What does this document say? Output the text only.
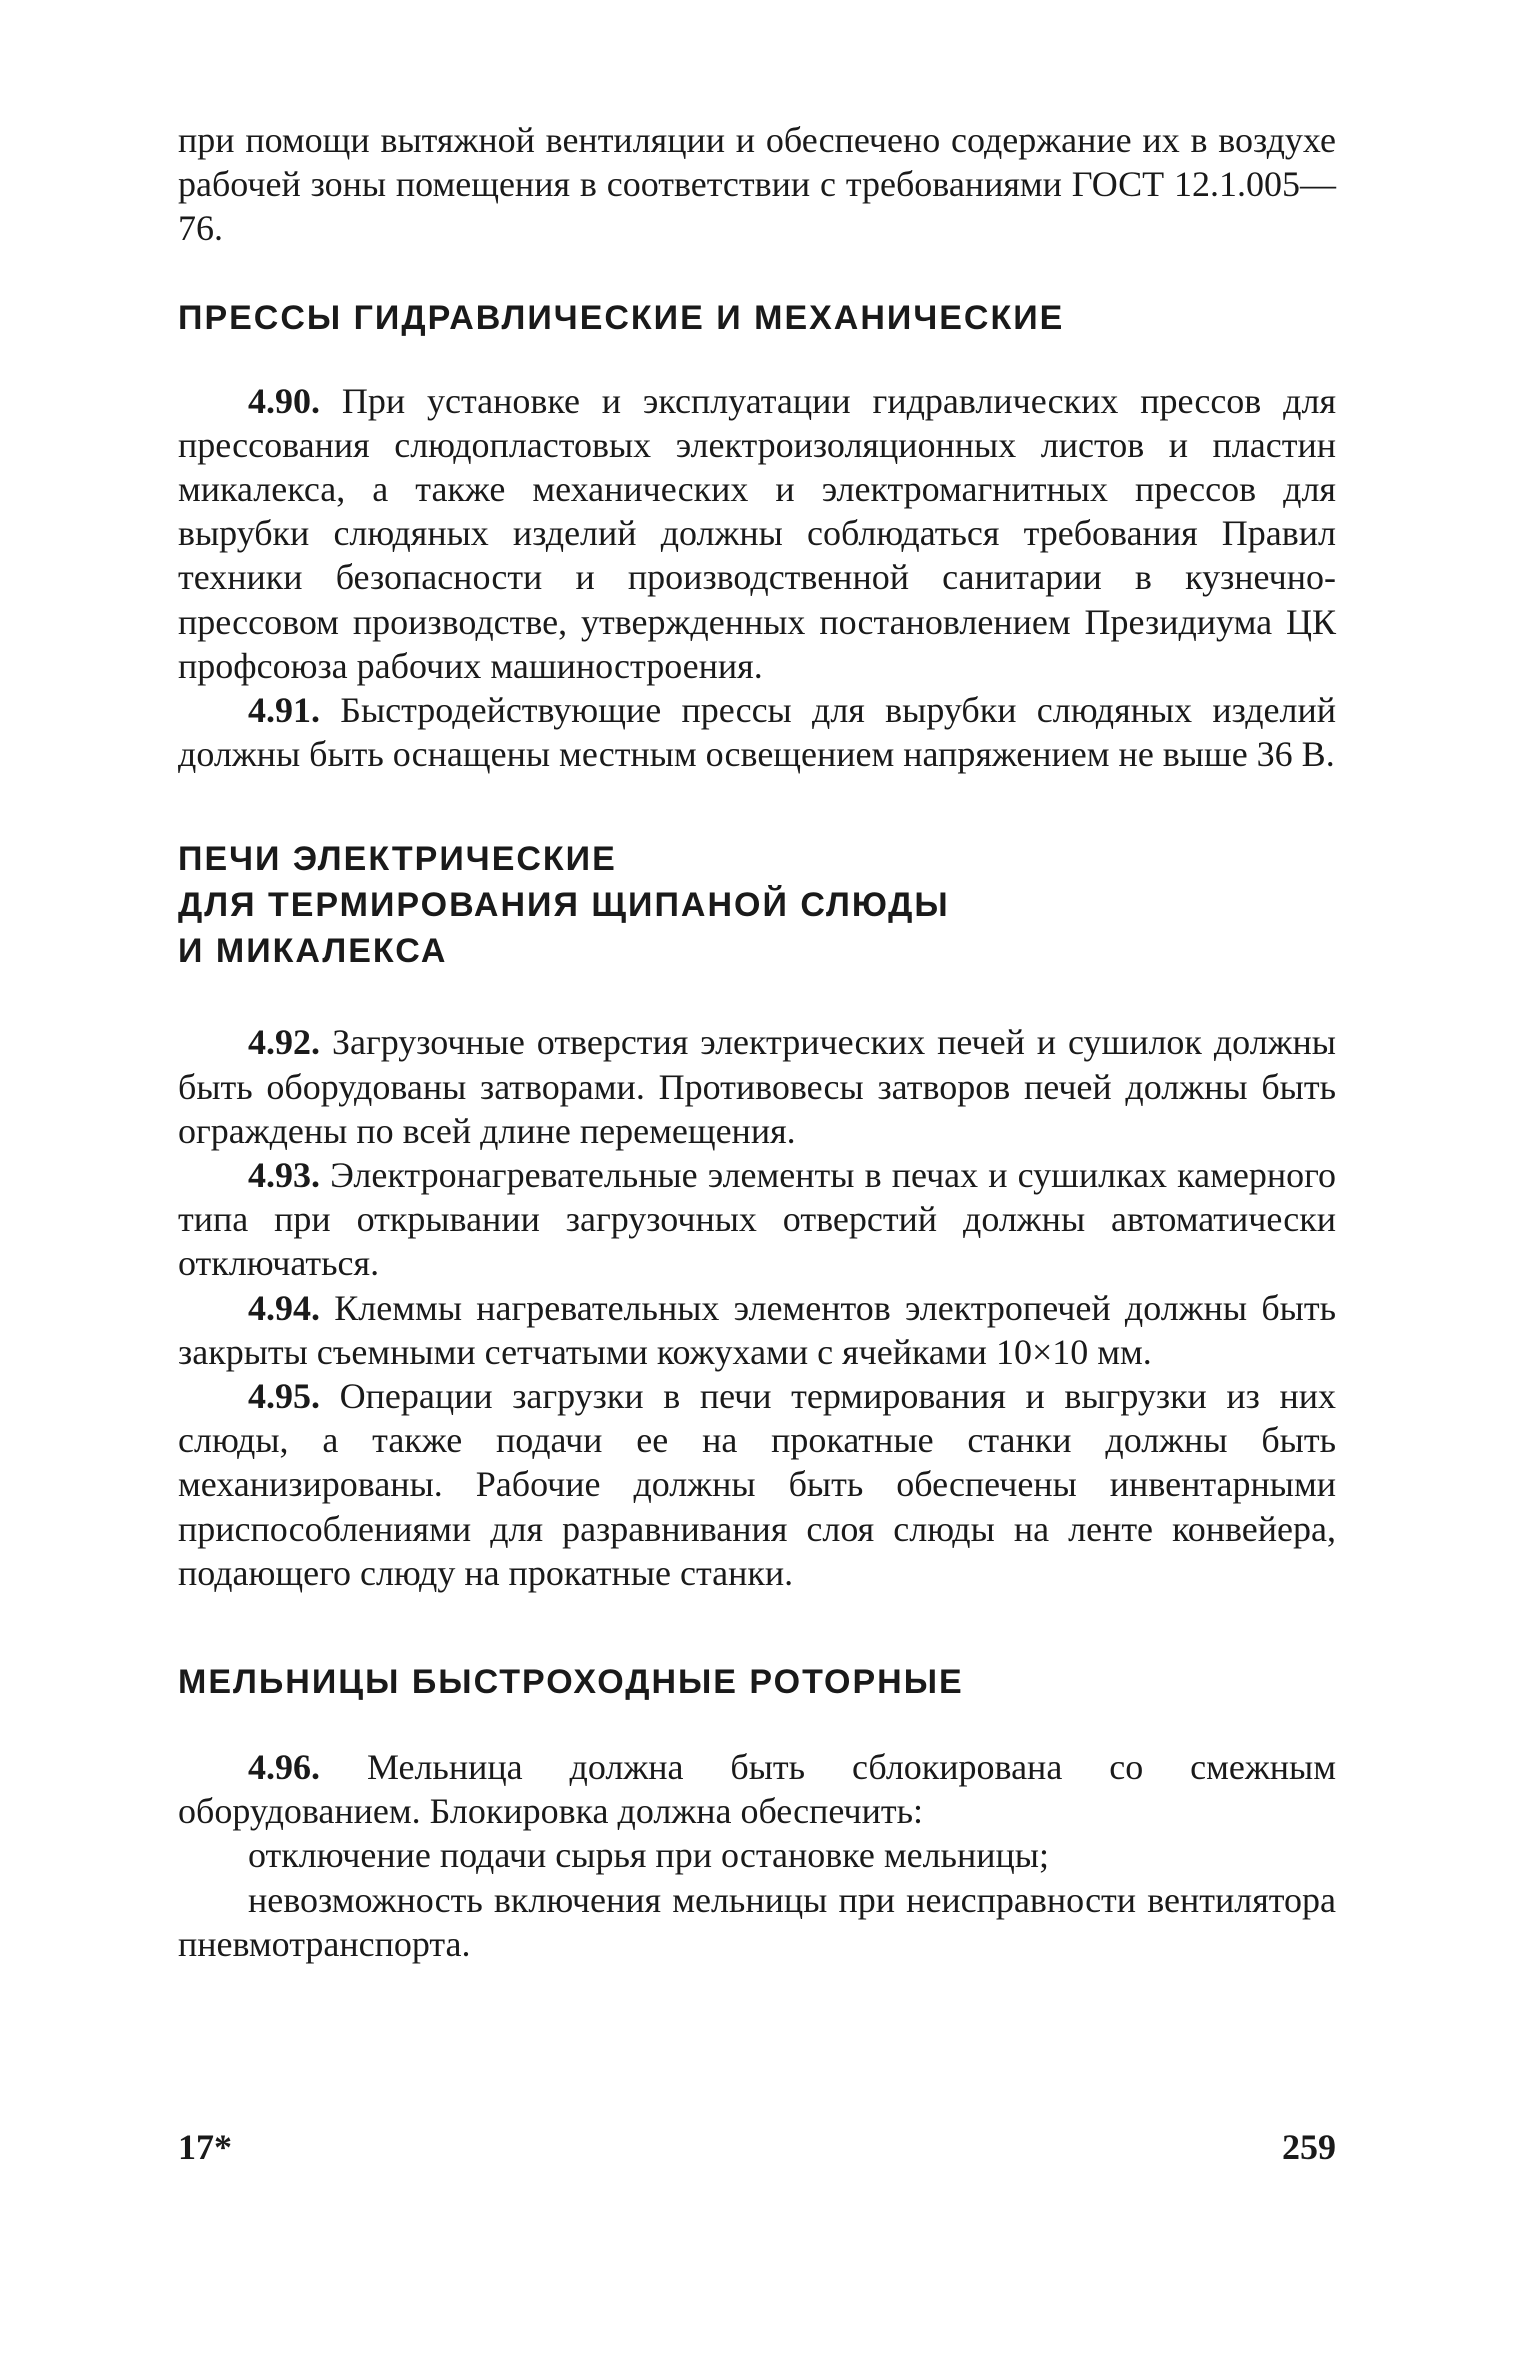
при помощи вытяжной вентиляции и обеспечено содержание их в воздухе рабочей зоны помещения в соответствии с требованиями ГОСТ 12.1.005—76.

ПРЕССЫ ГИДРАВЛИЧЕСКИЕ И МЕХАНИЧЕСКИЕ

4.90. При установке и эксплуатации гидравлических прессов для прессования слюдопластовых электроизоляционных листов и пластин микалекса, а также механических и электромагнитных прессов для вырубки слюдяных изделий должны соблюдаться требования Правил техники безопасности и производственной санитарии в кузнечно-прессовом производстве, утвержденных постановлением Президиума ЦК профсоюза рабочих машиностроения.

4.91. Быстродействующие прессы для вырубки слюдяных изделий должны быть оснащены местным освещением напряжением не выше 36 В.

ПЕЧИ ЭЛЕКТРИЧЕСКИЕ
ДЛЯ ТЕРМИРОВАНИЯ ЩИПАНОЙ СЛЮДЫ
И МИКАЛЕКСА

4.92. Загрузочные отверстия электрических печей и сушилок должны быть оборудованы затворами. Противовесы затворов печей должны быть ограждены по всей длине перемещения.

4.93. Электронагревательные элементы в печах и сушилках камерного типа при открывании загрузочных отверстий должны автоматически отключаться.

4.94. Клеммы нагревательных элементов электропечей должны быть закрыты съемными сетчатыми кожухами с ячейками 10×10 мм.

4.95. Операции загрузки в печи термирования и выгрузки из них слюды, а также подачи ее на прокатные станки должны быть механизированы. Рабочие должны быть обеспечены инвентарными приспособлениями для разравнивания слоя слюды на ленте конвейера, подающего слюду на прокатные станки.

МЕЛЬНИЦЫ БЫСТРОХОДНЫЕ РОТОРНЫЕ

4.96. Мельница должна быть сблокирована со смежным оборудованием. Блокировка должна обеспечить:

отключение подачи сырья при остановке мельницы;

невозможность включения мельницы при неисправности вентилятора пневмотранспорта.

17*	259
